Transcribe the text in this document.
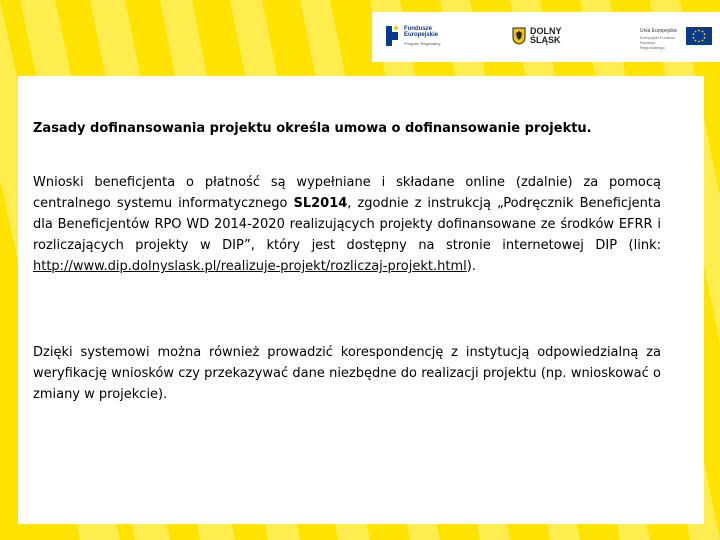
Fundusze
Europejskie
Program Regionalny
DOLNY
ŚLĄSK
Unia Europejska
Europejski Fundusz Rozwoju Regionalnego
Zasady dofinansowania projektu określa umowa o dofinansowanie projektu.
Wnioski beneficjenta o płatność są wypełniane i składane online (zdalnie) za pomocą centralnego systemu informatycznego SL2014, zgodnie z instrukcją „Podręcznik Beneficjenta dla Beneficjentów RPO WD 2014-2020 realizujących projekty dofinansowane ze środków EFRR i rozliczających projekty w DIP”, który jest dostępny na stronie internetowej DIP (link: http://www.dip.dolnyslask.pl/realizuje-projekt/rozliczaj-projekt.html).
Dzięki systemowi można również prowadzić korespondencję z instytucją odpowiedzialną za weryfikację wniosków czy przekazywać dane niezbędne do realizacji projektu (np. wnioskować o zmiany w projekcie).
